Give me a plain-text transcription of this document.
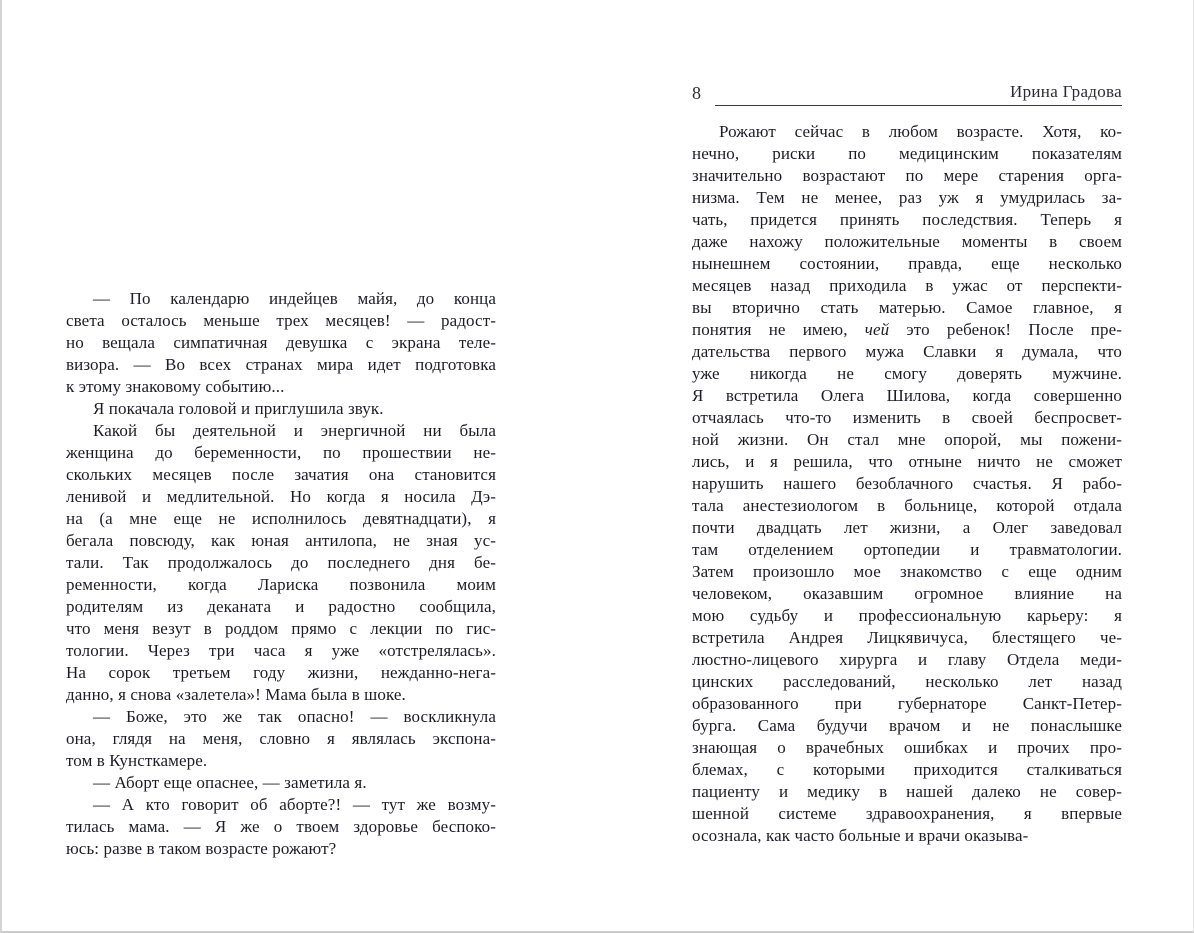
— По календарю индейцев майя, до конца
света осталось меньше трех месяцев! — радост-
но вещала симпатичная девушка с экрана теле-
визора. — Во всех странах мира идет подготовка
к этому знаковому событию...
Я покачала головой и приглушила звук.
Какой бы деятельной и энергичной ни была
женщина до беременности, по прошествии не-
скольких месяцев после зачатия она становится
ленивой и медлительной. Но когда я носила Дэ-
на (а мне еще не исполнилось девятнадцати), я
бегала повсюду, как юная антилопа, не зная ус-
тали. Так продолжалось до последнего дня бе-
ременности, когда Лариска позвонила моим
родителям из деканата и радостно сообщила,
что меня везут в роддом прямо с лекции по гис-
тологии. Через три часа я уже «отстрелялась».
На сорок третьем году жизни, нежданно-нега-
данно, я снова «залетела»! Мама была в шоке.
— Боже, это же так опасно! — воскликнула
она, глядя на меня, словно я являлась экспона-
том в Кунсткамере.
— Аборт еще опаснее, — заметила я.
— А кто говорит об аборте?! — тут же возму-
тилась мама. — Я же о твоем здоровье беспоко-
юсь: разве в таком возрасте рожают?
8	Ирина Градова
Рожают сейчас в любом возрасте. Хотя, ко-
нечно, риски по медицинским показателям
значительно возрастают по мере старения орга-
низма. Тем не менее, раз уж я умудрилась за-
чать, придется принять последствия. Теперь я
даже нахожу положительные моменты в своем
нынешнем состоянии, правда, еще несколько
месяцев назад приходила в ужас от перспекти-
вы вторично стать матерью. Самое главное, я
понятия не имею, чей это ребенок! После пре-
дательства первого мужа Славки я думала, что
уже никогда не смогу доверять мужчине.
Я встретила Олега Шилова, когда совершенно
отчаялась что-то изменить в своей беспросвет-
ной жизни. Он стал мне опорой, мы пожени-
лись, и я решила, что отныне ничто не сможет
нарушить нашего безоблачного счастья. Я рабо-
тала анестезиологом в больнице, которой отдала
почти двадцать лет жизни, а Олег заведовал
там отделением ортопедии и травматологии.
Затем произошло мое знакомство с еще одним
человеком, оказавшим огромное влияние на
мою судьбу и профессиональную карьеру: я
встретила Андрея Лицкявичуса, блестящего че-
люстно-лицевого хирурга и главу Отдела меди-
цинских расследований, несколько лет назад
образованного при губернаторе Санкт-Петер-
бурга. Сама будучи врачом и не понаслышке
знающая о врачебных ошибках и прочих про-
блемах, с которыми приходится сталкиваться
пациенту и медику в нашей далеко не совер-
шенной системе здравоохранения, я впервые
осознала, как часто больные и врачи оказыва-
